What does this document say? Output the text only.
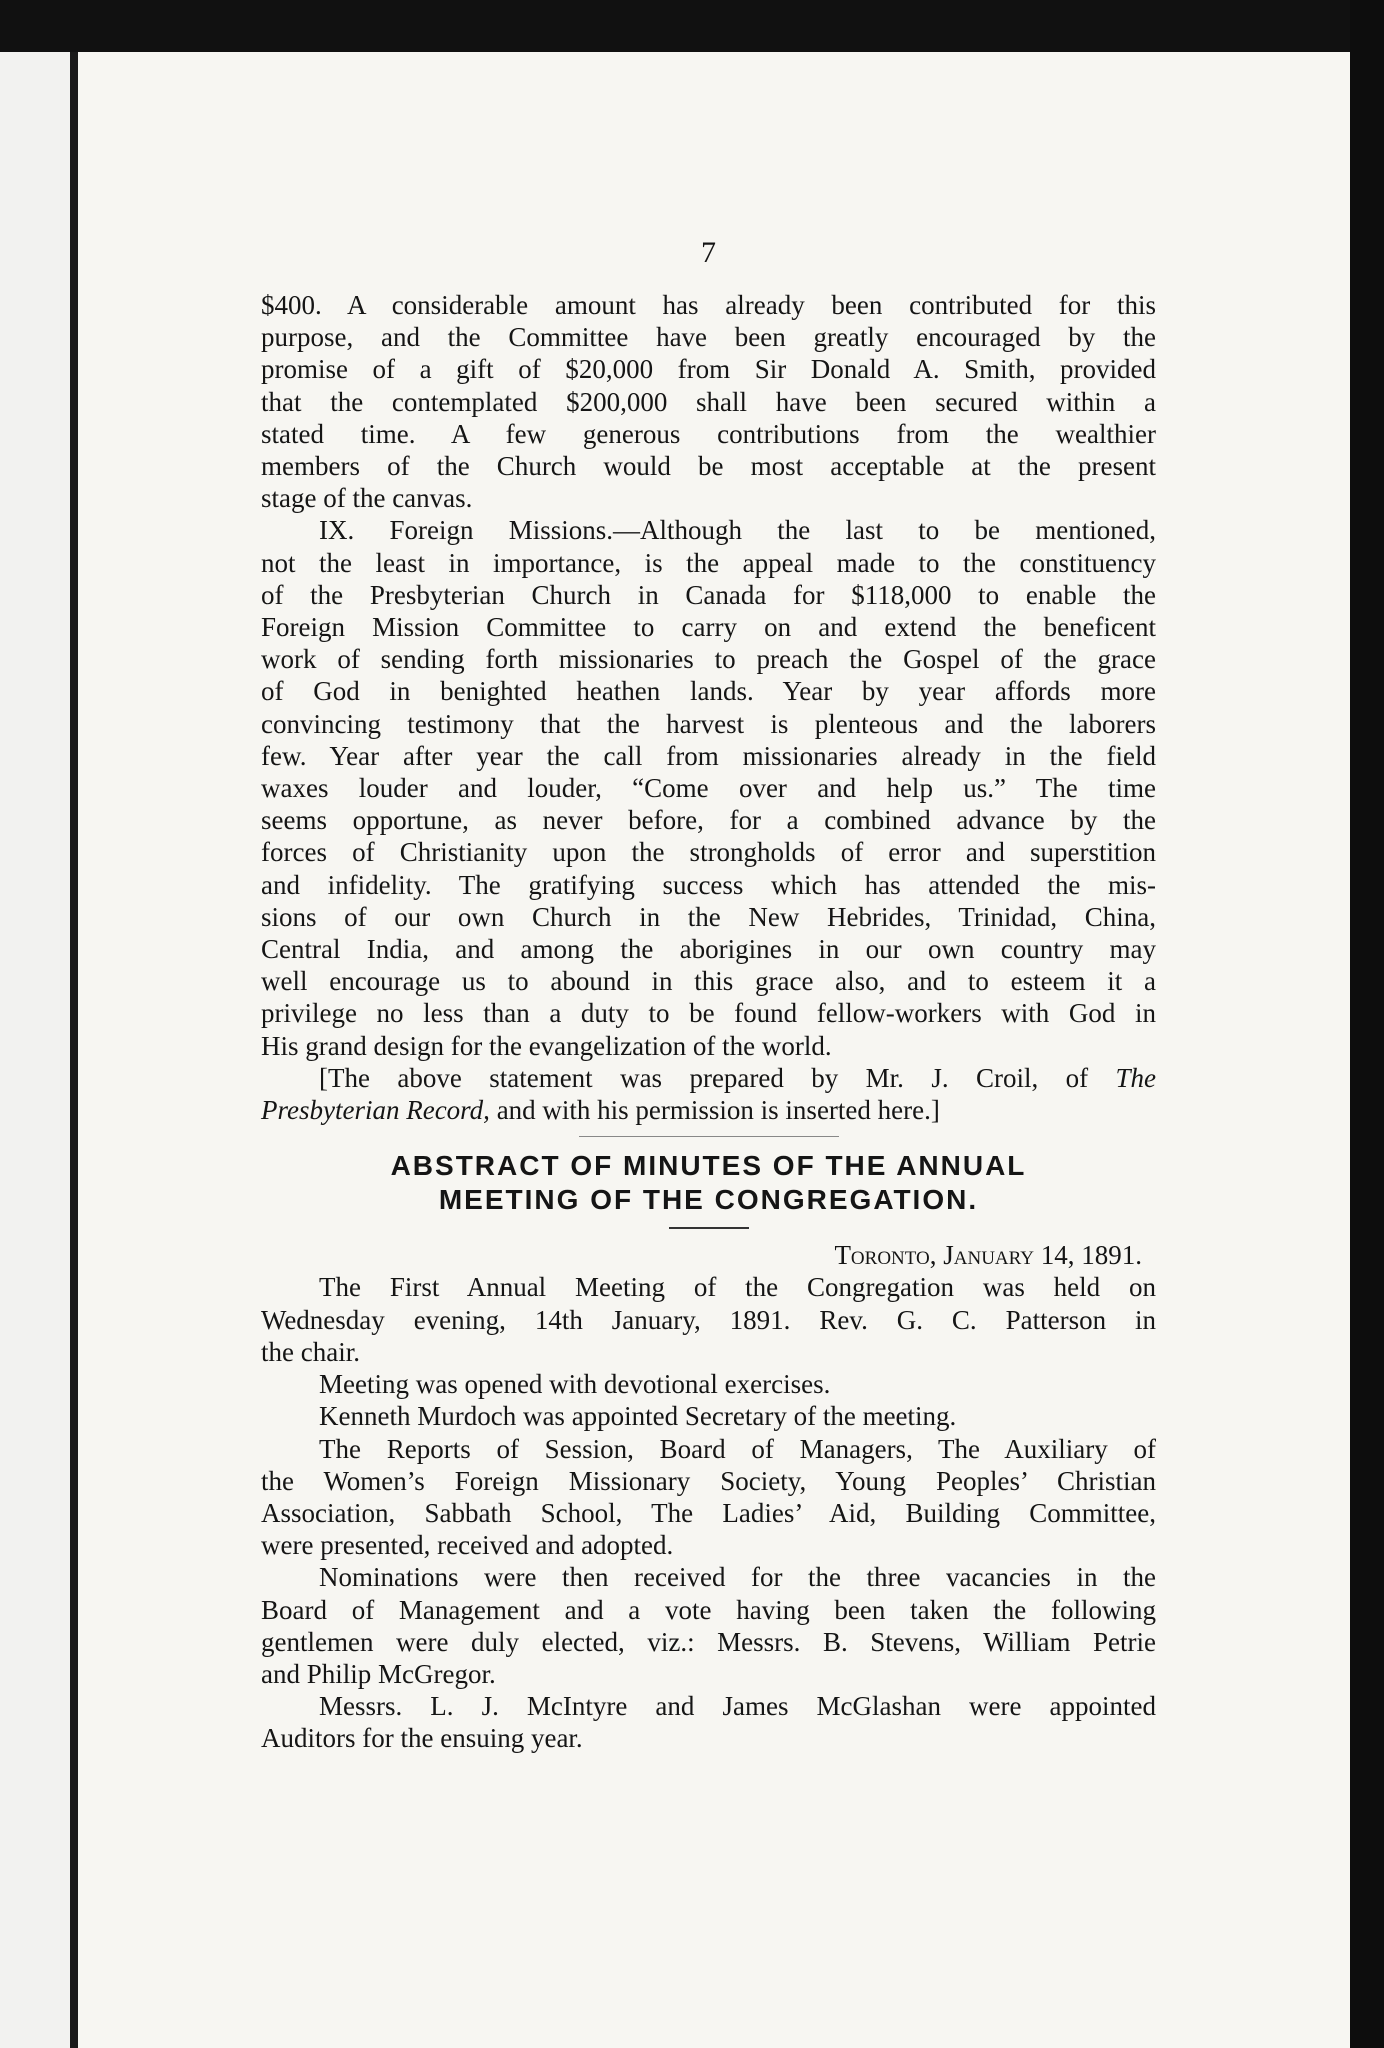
7
$400. A considerable amount has already been contributed for this
purpose, and the Committee have been greatly encouraged by the
promise of a gift of $20,000 from Sir Donald A. Smith, provided
that the contemplated $200,000 shall have been secured within a
stated time. A few generous contributions from the wealthier
members of the Church would be most acceptable at the present
stage of the canvas.
IX. Foreign Missions.—Although the last to be mentioned,
not the least in importance, is the appeal made to the constituency
of the Presbyterian Church in Canada for $118,000 to enable the
Foreign Mission Committee to carry on and extend the beneficent
work of sending forth missionaries to preach the Gospel of the grace
of God in benighted heathen lands. Year by year affords more
convincing testimony that the harvest is plenteous and the laborers
few. Year after year the call from missionaries already in the field
waxes louder and louder, “Come over and help us.” The time
seems opportune, as never before, for a combined advance by the
forces of Christianity upon the strongholds of error and superstition
and infidelity. The gratifying success which has attended the mis-
sions of our own Church in the New Hebrides, Trinidad, China,
Central India, and among the aborigines in our own country may
well encourage us to abound in this grace also, and to esteem it a
privilege no less than a duty to be found fellow-workers with God in
His grand design for the evangelization of the world.
[The above statement was prepared by Mr. J. Croil, of The
Presbyterian Record, and with his permission is inserted here.]
ABSTRACT OF MINUTES OF THE ANNUAL
MEETING OF THE CONGREGATION.
Toronto, January 14, 1891.
The First Annual Meeting of the Congregation was held on
Wednesday evening, 14th January, 1891. Rev. G. C. Patterson in
the chair.
Meeting was opened with devotional exercises.
Kenneth Murdoch was appointed Secretary of the meeting.
The Reports of Session, Board of Managers, The Auxiliary of
the Women’s Foreign Missionary Society, Young Peoples’ Christian
Association, Sabbath School, The Ladies’ Aid, Building Committee,
were presented, received and adopted.
Nominations were then received for the three vacancies in the
Board of Management and a vote having been taken the following
gentlemen were duly elected, viz.: Messrs. B. Stevens, William Petrie
and Philip McGregor.
Messrs. L. J. McIntyre and James McGlashan were appointed
Auditors for the ensuing year.
